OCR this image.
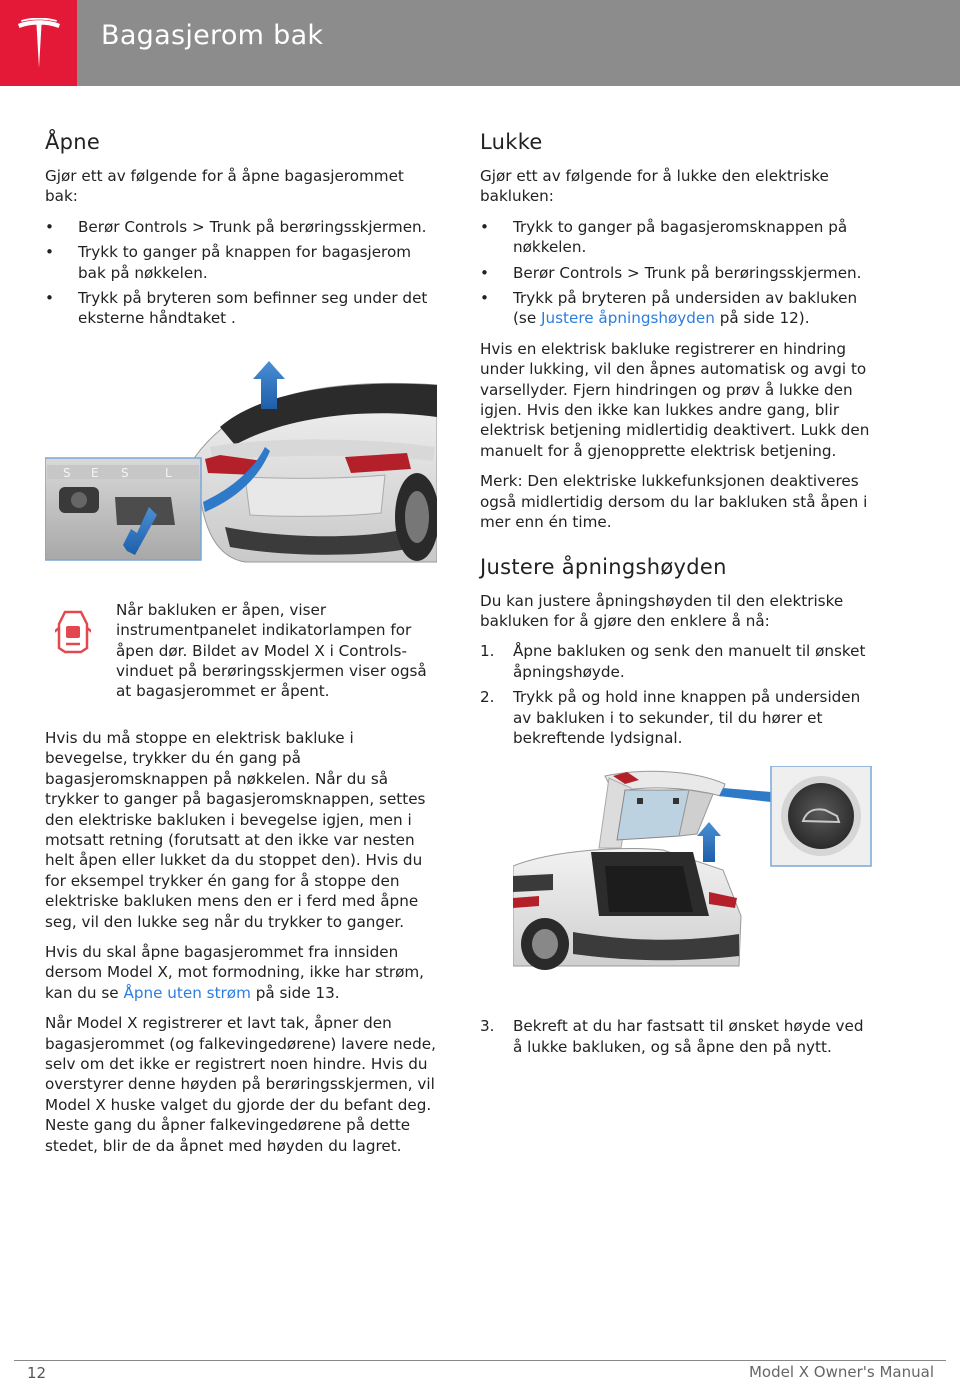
Bagasjerom bak
Åpne

Gjør ett av følgende for å åpne bagasjerommet bak:

• Berør Controls > Trunk på berøringsskjermen.
• Trykk to ganger på knappen for bagasjerom bak på nøkkelen.
• Trykk på bryteren som befinner seg under det eksterne håndtaket .
S E S	L

Når bakluken er åpen, viser instrumentpanelet indikatorlampen for åpen dør. Bildet av Model X i Controls-vinduet på berøringsskjermen viser også at bagasjerommet er åpent.

Hvis du må stoppe en elektrisk bakluke i bevegelse, trykker du én gang på bagasjeromsknappen på nøkkelen. Når du så trykker to ganger på bagasjeromsknappen, settes den elektriske bakluken i bevegelse igjen, men i motsatt retning (forutsatt at den ikke var nesten helt åpen eller lukket da du stoppet den). Hvis du for eksempel trykker én gang for å stoppe den elektriske bakluken mens den er i ferd med åpne seg, vil den lukke seg når du trykker to ganger.

Hvis du skal åpne bagasjerommet fra innsiden dersom Model X, mot formodning, ikke har strøm, kan du se Åpne uten strøm på side 13.

Når Model X registrerer et lavt tak, åpner den bagasjerommet (og falkevingedørene) lavere nede, selv om det ikke er registrert noen hindre. Hvis du overstyrer denne høyden på berøringsskjermen, vil Model X huske valget du gjorde der du befant deg. Neste gang du åpner falkevingedørene på dette stedet, blir de da åpnet med høyden du lagret.

Lukke

Gjør ett av følgende for å lukke den elektriske bakluken:

• Trykk to ganger på bagasjeromsknappen på nøkkelen.
• Berør Controls > Trunk på berøringsskjermen.
• Trykk på bryteren på undersiden av bakluken (se Justere åpningshøyden på side 12).

Hvis en elektrisk bakluke registrerer en hindring under lukking, vil den åpnes automatisk og avgi to varsellyder. Fjern hindringen og prøv å lukke den igjen. Hvis den ikke kan lukkes andre gang, blir elektrisk betjening midlertidig deaktivert. Lukk den manuelt for å gjenopprette elektrisk betjening.

Merk: Den elektriske lukkefunksjonen deaktiveres også midlertidig dersom du lar bakluken stå åpen i mer enn én time.

Justere åpningshøyden

Du kan justere åpningshøyden til den elektriske bakluken for å gjøre den enklere å nå:

1. Åpne bakluken og senk den manuelt til ønsket åpningshøyde.
2. Trykk på og hold inne knappen på undersiden av bakluken i to sekunder, til du hører et bekreftende lydsignal.
3. Bekreft at du har fastsatt til ønsket høyde ved å lukke bakluken, og så åpne den på nytt.
12	Model X Owner's Manual
